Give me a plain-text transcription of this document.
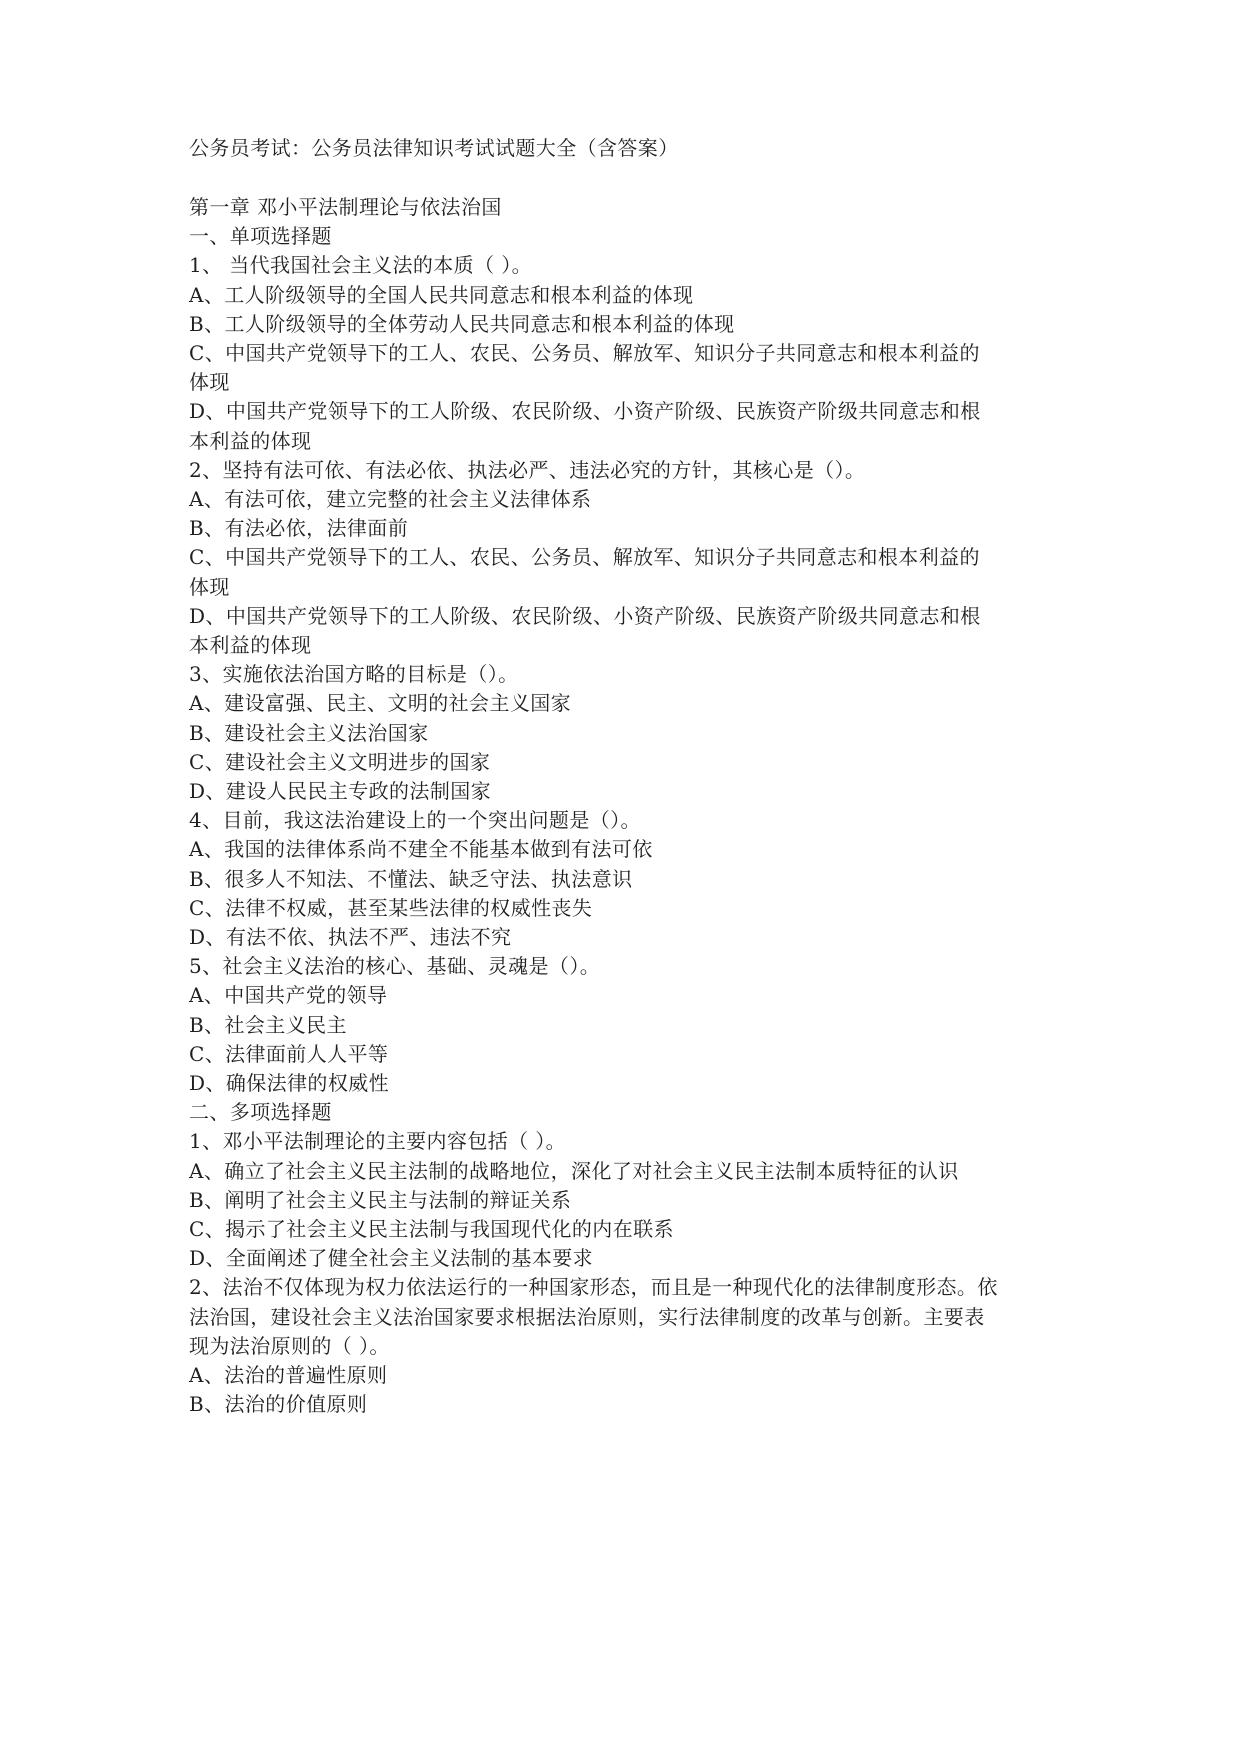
公务员考试：公务员法律知识考试试题大全（含答案）
第一章 邓小平法制理论与依法治国
一、单项选择题
1、 当代我国社会主义法的本质（ ）。
A、工人阶级领导的全国人民共同意志和根本利益的体现
B、工人阶级领导的全体劳动人民共同意志和根本利益的体现
C、中国共产党领导下的工人、农民、公务员、解放军、知识分子共同意志和根本利益的
体现
D、中国共产党领导下的工人阶级、农民阶级、小资产阶级、民族资产阶级共同意志和根
本利益的体现
2、坚持有法可依、有法必依、执法必严、违法必究的方针，其核心是（）。
A、有法可依，建立完整的社会主义法律体系
B、有法必依，法律面前
C、中国共产党领导下的工人、农民、公务员、解放军、知识分子共同意志和根本利益的
体现
D、中国共产党领导下的工人阶级、农民阶级、小资产阶级、民族资产阶级共同意志和根
本利益的体现
3、实施依法治国方略的目标是（）。
A、建设富强、民主、文明的社会主义国家
B、建设社会主义法治国家
C、建设社会主义文明进步的国家
D、建设人民民主专政的法制国家
4、目前，我这法治建设上的一个突出问题是（）。
A、我国的法律体系尚不建全不能基本做到有法可依
B、很多人不知法、不懂法、缺乏守法、执法意识
C、法律不权威，甚至某些法律的权威性丧失
D、有法不依、执法不严、违法不究
5、社会主义法治的核心、基础、灵魂是（）。
A、中国共产党的领导
B、社会主义民主
C、法律面前人人平等
D、确保法律的权威性
二、多项选择题
1、邓小平法制理论的主要内容包括（ ）。
A、确立了社会主义民主法制的战略地位，深化了对社会主义民主法制本质特征的认识
B、阐明了社会主义民主与法制的辩证关系
C、揭示了社会主义民主法制与我国现代化的内在联系
D、全面阐述了健全社会主义法制的基本要求
2、法治不仅体现为权力依法运行的一种国家形态，而且是一种现代化的法律制度形态。依
法治国，建设社会主义法治国家要求根据法治原则，实行法律制度的改革与创新。主要表
现为法治原则的（ ）。
A、法治的普遍性原则
B、法治的价值原则
